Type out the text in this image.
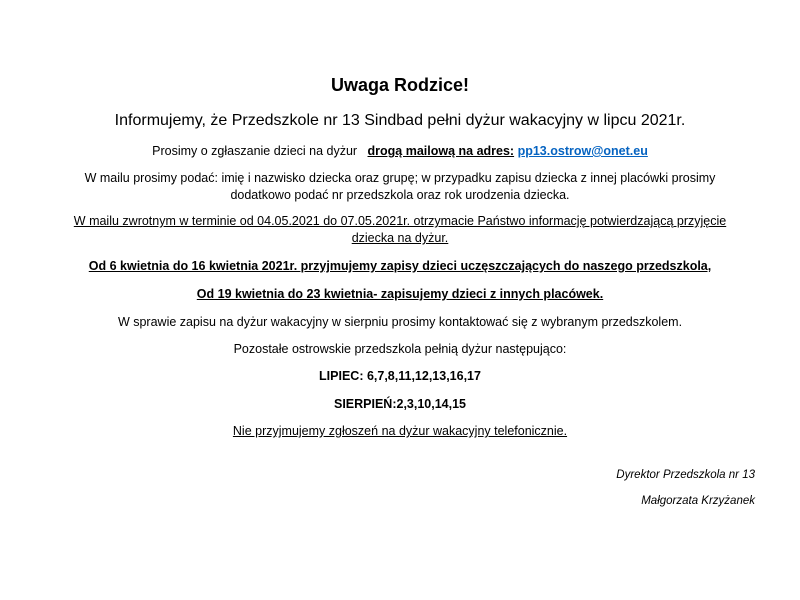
Uwaga Rodzice!
Informujemy, że Przedszkole nr 13 Sindbad pełni dyżur wakacyjny w lipcu 2021r.
Prosimy o zgłaszanie dzieci na dyżur drogą mailową na adres: pp13.ostrow@onet.eu
W mailu prosimy podać: imię i nazwisko dziecka oraz grupę; w przypadku zapisu dziecka z innej placówki prosimy
dodatkowo podać nr przedszkola oraz rok urodzenia dziecka.
W mailu zwrotnym w terminie od 04.05.2021 do 07.05.2021r. otrzymacie Państwo informację potwierdzającą przyjęcie
dziecka na dyżur.
Od 6 kwietnia do 16 kwietnia 2021r. przyjmujemy zapisy dzieci uczęszczających do naszego przedszkola,
Od 19 kwietnia do 23 kwietnia- zapisujemy dzieci z innych placówek.
W sprawie zapisu na dyżur wakacyjny w sierpniu prosimy kontaktować się z wybranym przedszkolem.
Pozostałe ostrowskie przedszkola pełnią dyżur następująco:
LIPIEC: 6,7,8,11,12,13,16,17
SIERPIEŃ:2,3,10,14,15
Nie przyjmujemy zgłoszeń na dyżur wakacyjny telefonicznie.
Dyrektor Przedszkola nr 13
Małgorzata Krzyżanek
